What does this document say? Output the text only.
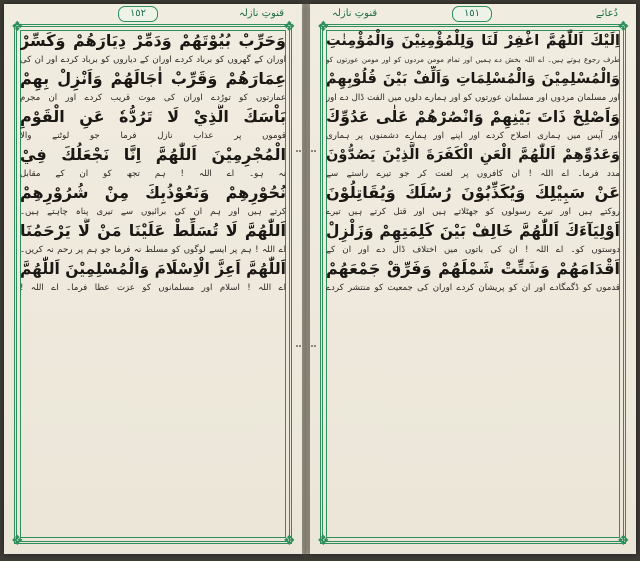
قنوتِ نازلہ
١٥٢
❖	❖
❖	❖
وَحَرِّبْ بُيُوْتَهُمْ وَدَمِّرْ دِيَارَهُمْ وَكَسِّرْ
اوران کے گھروں کو برباد کردے اوران کے دیاروں کو برباد کردے اور ان کی
عِمَارَهُمْ وَقَرِّبْ اٰجَالَهُمْ وَاَنْزِلْ بِهِمْ
عمارتوں کو توڑدے اوران کی موت قریب کردے اور ان مجرم
بَاْسَكَ الَّذِيْ لَا تَرُدُّهٗ عَنِ الْقَوْمِ
قوموں پر عذاب نازل فرما جو لوٹنے والا
الْمُجْرِمِيْنَ اَللّٰهُمَّ اِنَّا نَجْعَلُكَ فِيْ
نہ ہو۔ اے اللہ ! ہم تجھ کو ان کے مقابل
نُحُوْرِهِمْ وَنَعُوْذُبِكَ مِنْ شُرُوْرِهِمْ
کرتے ہیں اور ہم ان کی برائیوں سے تیری پناہ چاہتے ہیں۔
اَللّٰهُمَّ لَا تُسَلِّطْ عَلَيْنَا مَنْ لَّا يَرْحَمُنَا
اے اللہ ! ہم پر ایسے لوگوں کو مسلط نہ فرما جو ہم پر رحم نہ کریں۔
اَللّٰهُمَّ اَعِزَّ الْاِسْلَامَ وَالْمُسْلِمِيْنَ اَللّٰهُمَّ
اے اللہ ! اسلام اور مسلمانوں کو عزت عطا فرما۔ اے اللہ !
قنوتِ نازلہ	١٥١	دُعائے
❖	❖
❖	❖
اِلَيْكَ اَللّٰهُمَّ اغْفِرْ لَنَا وَلِلْمُؤْمِنِيْنَ وَالْمُؤْمِنٰتِ
طرف رجوع ہوتے ہیں۔ اے اللہ بخش دے ہمیں اور تمام مومن مردوں کو اور مومن عورتوں کو
وَالْمُسْلِمِيْنَ وَالْمُسْلِمَاتِ وَاَلِّفْ بَيْنَ قُلُوْبِهِمْ
اور مسلمان مردوں اور مسلمان عورتوں کو اور ہمارے دلوں میں الفت ڈال دے اور
وَاَصْلِحْ ذَاتَ بَيْنِهِمْ وَانْصُرْهُمْ عَلٰى عَدُوِّكَ
اور آپس میں ہماری اصلاح کردے اور اپنے اور ہمارے دشمنوں پر ہماری
وَعَدُوِّهِمْ اَللّٰهُمَّ الْعَنِ الْكَفَرَةَ الَّذِيْنَ يَصُدُّوْنَ
مدد فرما۔ اے اللہ ! ان کافروں پر لعنت کر جو تیرے راستے سے
عَنْ سَبِيْلِكَ وَيُكَذِّبُوْنَ رُسُلَكَ وَيُقَاتِلُوْنَ
روکتے ہیں اور تیرے رسولوں کو جھٹلاتے ہیں اور قتل کرتے ہیں تیرے
اَوْلِيَآءَكَ اَللّٰهُمَّ خَالِفْ بَيْنَ كَلِمَتِهِمْ وَزَلْزِلْ
دوستوں کو۔ اے اللہ ! ان کی باتوں میں اختلاف ڈال دے اور ان کے
اَقْدَامَهُمْ وَشَتِّتْ شَمْلَهُمْ وَفَرِّقْ جَمْعَهُمْ
قدموں کو ڈگمگادے اور ان کو پریشان کردے اوران کی جمعیت کو منتشر کردے
